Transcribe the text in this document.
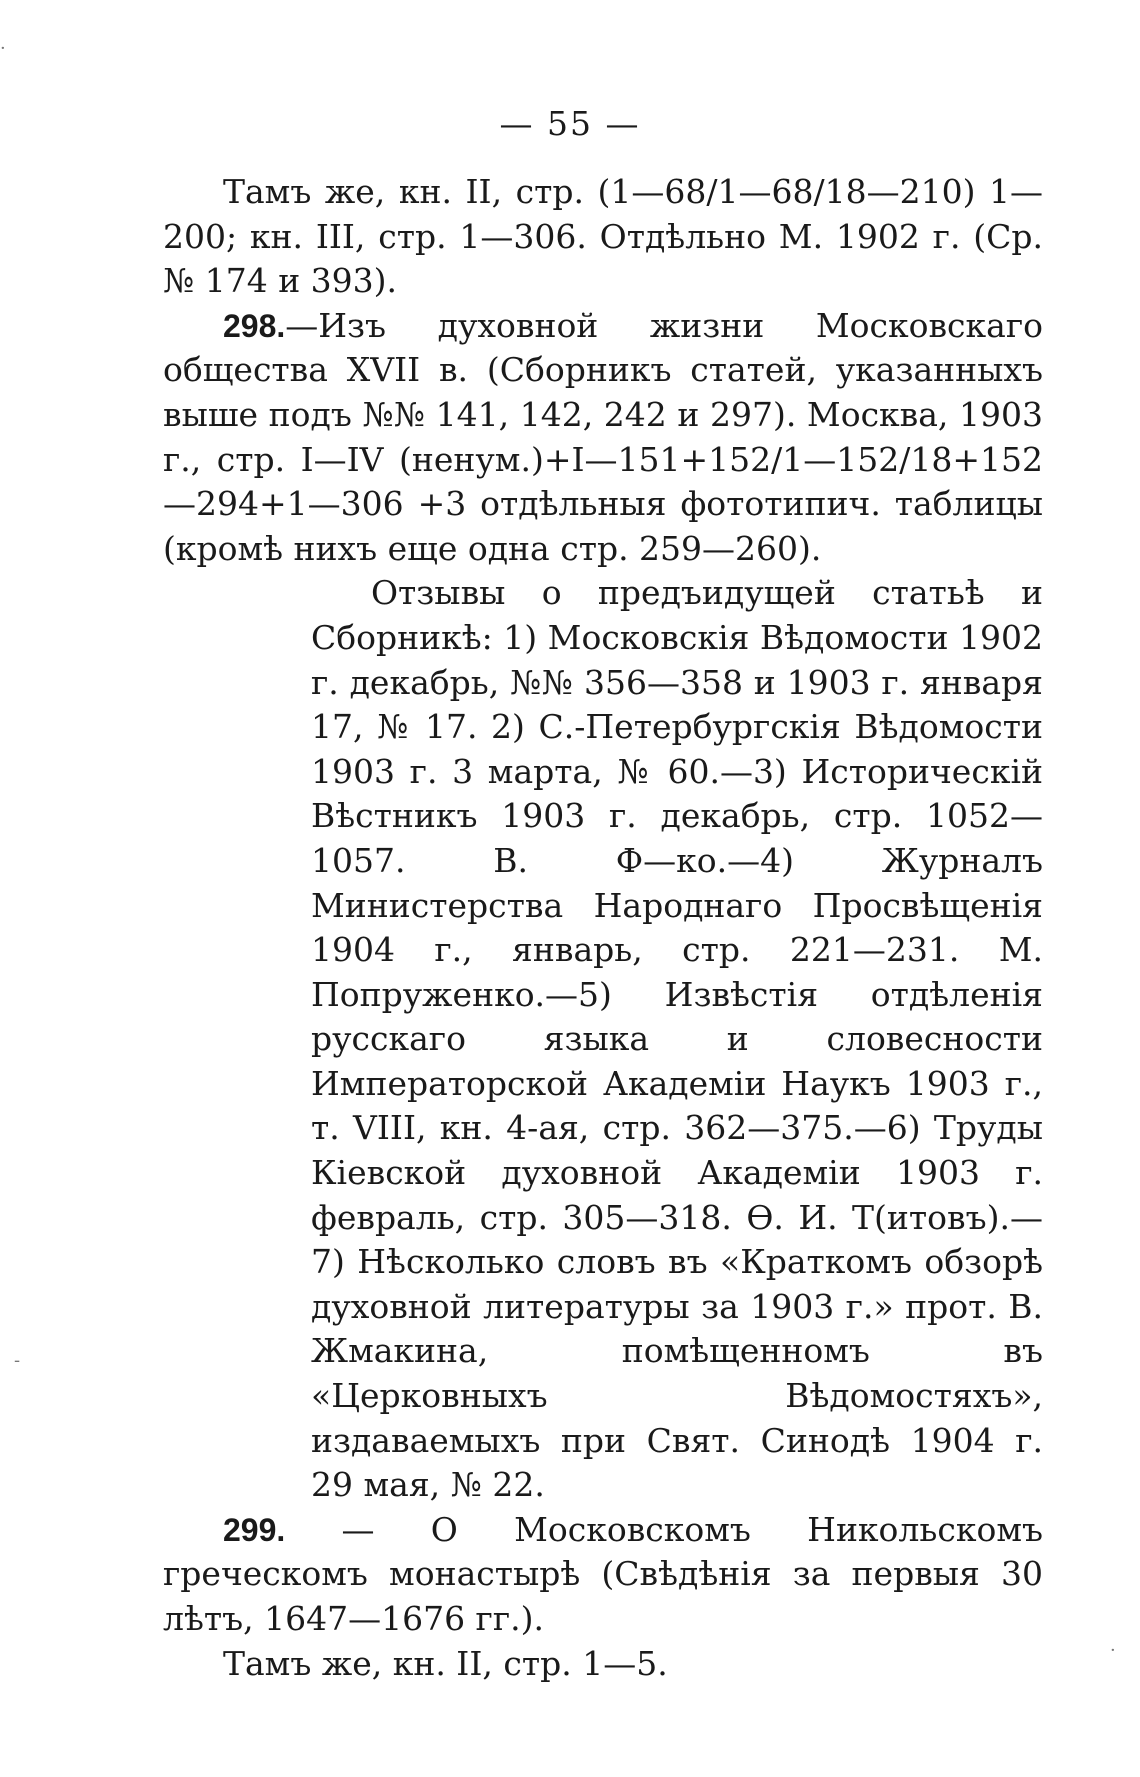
·
-
·
— 55 —

Тамъ же, кн. II, стр. (1—68/1—68/18—210) 1—200; кн. III, стр. 1—306. Отдѣльно М. 1902 г. (Ср. № 174 и 393).

298.—Изъ духовной жизни Московскаго общества XVII в. (Сборникъ статей, указанныхъ выше подъ №№ 141, 142, 242 и 297). Москва, 1903 г., стр. I—IV (ненум.)+I—151+152/1—152/18+152—294+1—306 +3 отдѣльныя фототипич. таблицы (кромѣ нихъ еще одна стр. 259—260).

Отзывы о предъидущей статьѣ и Сборникѣ: 1) Московскія Вѣдомости 1902 г. декабрь, №№ 356—358 и 1903 г. января 17, № 17. 2) С.-Петербургскія Вѣдомости 1903 г. 3 марта, № 60.—3) Историческій Вѣстникъ 1903 г. декабрь, стр. 1052—1057. В. Ф—ко.—4) Журналъ Министерства Народнаго Просвѣщенія 1904 г., январь, стр. 221—231. М. Попруженко.—5) Извѣстія отдѣленія русскаго языка и словесности Императорской Академіи Наукъ 1903 г., т. VIII, кн. 4-ая, стр. 362—375.—6) Труды Кіевской духовной Академіи 1903 г. февраль, стр. 305—318. Ѳ. И. Т(итовъ).—7) Нѣсколько словъ въ «Краткомъ обзорѣ духовной литературы за 1903 г.» прот. В. Жмакина, помѣщенномъ въ «Церковныхъ Вѣдомостяхъ», издаваемыхъ при Свят. Синодѣ 1904 г. 29 мая, № 22.

299. — О Московскомъ Никольскомъ греческомъ монастырѣ (Свѣдѣнія за первыя 30 лѣтъ, 1647—1676 гг.).

Тамъ же, кн. II, стр. 1—5.
